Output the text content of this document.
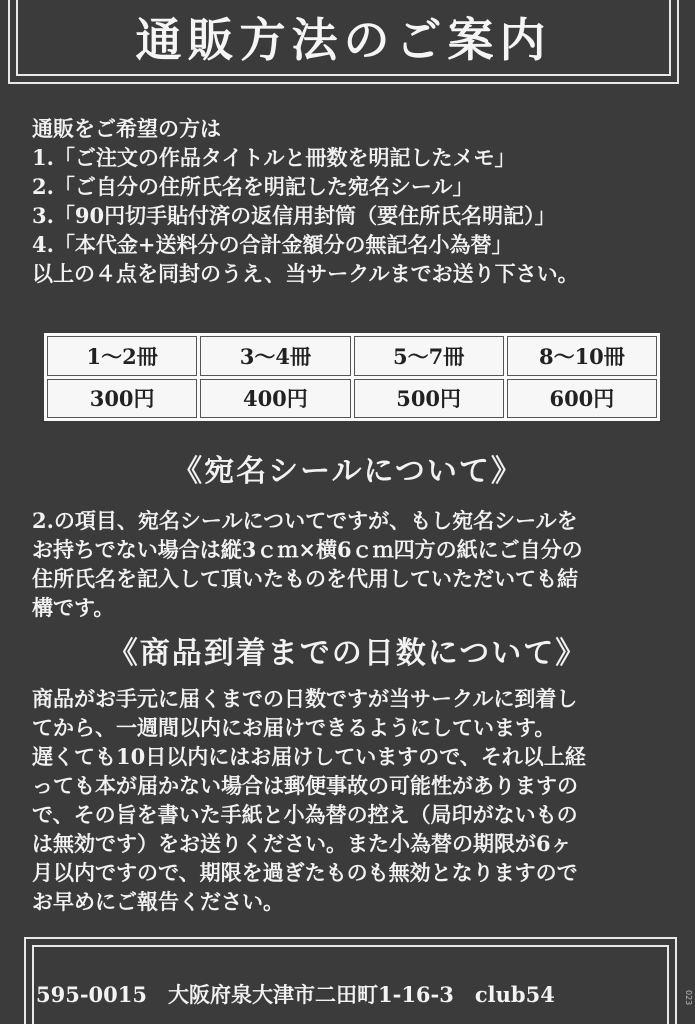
通販方法のご案内

通販をご希望の方は

1.「ご注文の作品タイトルと冊数を明記したメモ」

2.「ご自分の住所氏名を明記した宛名シール」

3.「90円切手貼付済の返信用封筒（要住所氏名明記）」

4.「本代金+送料分の合計金額分の無記名小為替」

以上の４点を同封のうえ、当サークルまでお送り下さい。

1～2冊	3～4冊	5～7冊	8～10冊
300円	400円	500円	600円
《宛名シールについて》

2.の項目、宛名シールについてですが、もし宛名シールを

お持ちでない場合は縦3ｃｍ×横6ｃｍ四方の紙にご自分の

住所氏名を記入して頂いたものを代用していただいても結

構です。

《商品到着までの日数について》

商品がお手元に届くまでの日数ですが当サークルに到着し

てから、一週間以内にお届けできるようにしています。

遅くても10日以内にはお届けしていますので、それ以上経

っても本が届かない場合は郵便事故の可能性がありますの

で、その旨を書いた手紙と小為替の控え（局印がないもの

は無効です）をお送りください。また小為替の期限が6ヶ

月以内ですので、期限を過ぎたものも無効となりますので

お早めにご報告ください。

595-0015　大阪府泉大津市二田町1-16-3　club54	023
